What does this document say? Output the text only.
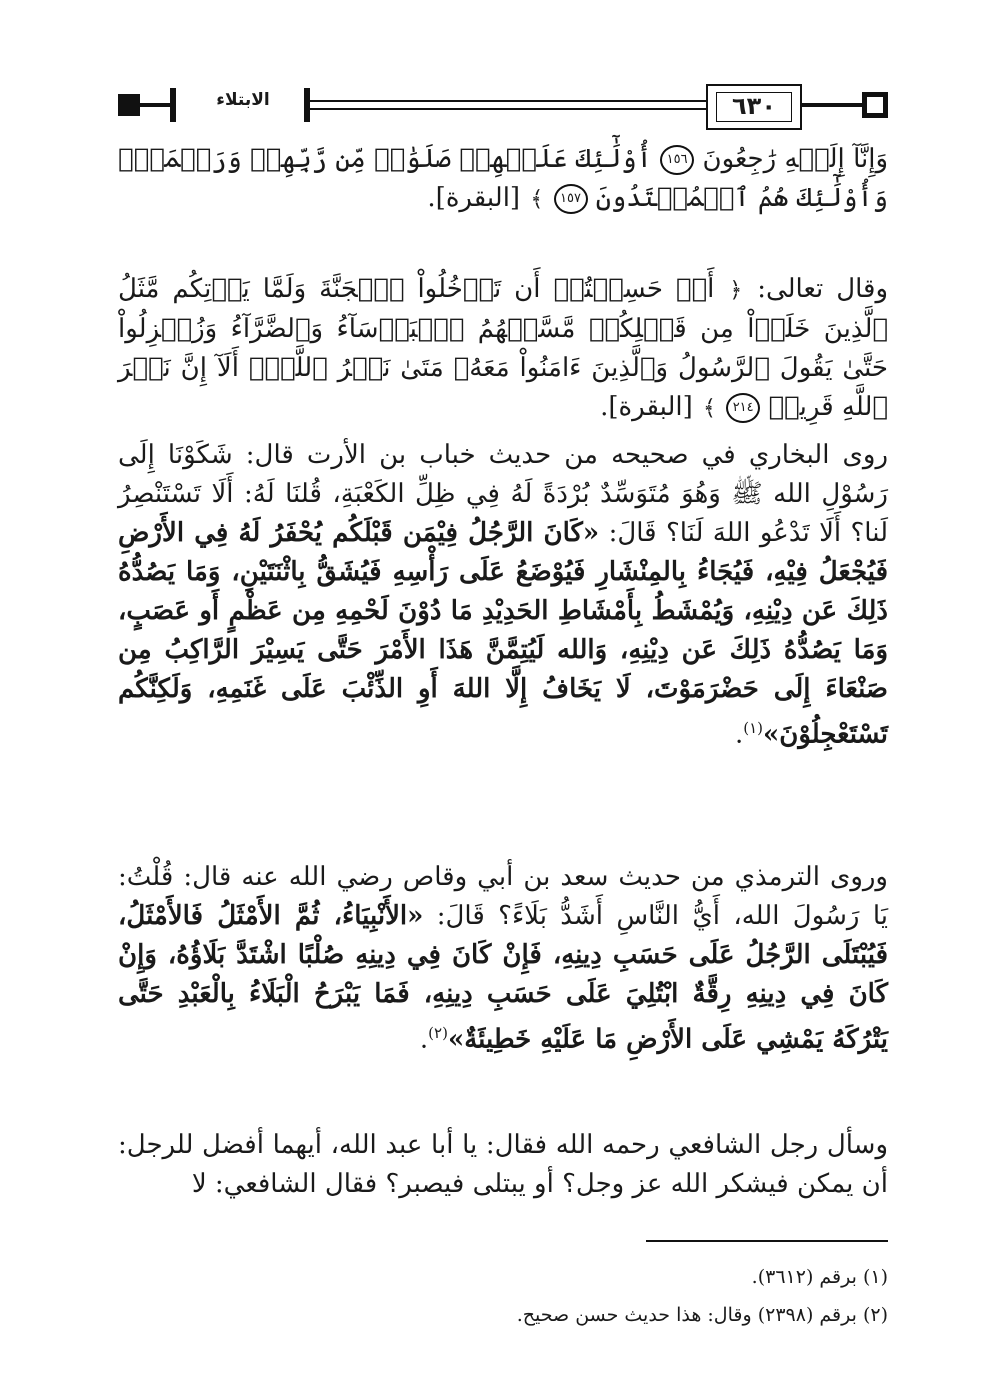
الابتلاء	٦٣٠

وَإِنَّآ إِلَيۡهِ رَٰجِعُونَ ١٥٦ أُوْلَٰٓئِكَ عَلَيۡهِمۡ صَلَوَٰتٞ مِّن رَّبِّهِمۡ وَرَحۡمَةٞۖ وَأُوْلَٰٓئِكَ هُمُ ٱلۡمُهۡتَدُونَ ١٥٧ ﴾ [البقرة].

وقال تعالى: ﴿ أَمۡ حَسِبۡتُمۡ أَن تَدۡخُلُواْ ٱلۡجَنَّةَ وَلَمَّا يَأۡتِكُم مَّثَلُ ٱلَّذِينَ خَلَوۡاْ مِن قَبۡلِكُمۖ مَّسَّتۡهُمُ ٱلۡبَأۡسَآءُ وَٱلضَّرَّآءُ وَزُلۡزِلُواْ حَتَّىٰ يَقُولَ ٱلرَّسُولُ وَٱلَّذِينَ ءَامَنُواْ مَعَهُۥ مَتَىٰ نَصۡرُ ٱللَّهِۗ أَلَآ إِنَّ نَصۡرَ ٱللَّهِ قَرِيبٞ ٢١٤ ﴾ [البقرة].

روى البخاري في صحيحه من حديث خباب بن الأرت قال: شَكَوْنَا إِلَى رَسُوْلِ الله ﷺ وَهُوَ مُتَوَسِّدٌ بُرْدَةً لَهُ فِي ظِلِّ الكَعْبَةِ، قُلنَا لَهُ: أَلَا تَسْتَنْصِرُ لَنا؟ أَلَا تَدْعُو اللهَ لَنَا؟ قَالَ: «كَانَ الرَّجُلُ فِيْمَن قَبْلَكُم يُحْفَرُ لَهُ فِي الأَرْضِ فَيُجْعَلُ فِيْهِ، فَيُجَاءُ بِالمِنْشَارِ فَيُوْضَعُ عَلَى رَأْسِهِ فَيُشَقُّ بِاثْنَتَيْنِ، وَمَا يَصُدُّهُ ذَلِكَ عَن دِيْنِهِ، وَيُمْشَطُ بِأَمْشَاطِ الحَدِيْدِ مَا دُوْنَ لَحْمِهِ مِن عَظْمٍ أَو عَصَبٍ، وَمَا يَصُدُّهُ ذَلِكَ عَن دِيْنِهِ، وَالله لَيُتِمَّنَّ هَذَا الأَمْرَ حَتَّى يَسِيْرَ الرَّاكِبُ مِن صَنْعَاءَ إِلَى حَضْرَمَوْتَ، لَا يَخَافُ إِلَّا اللهَ أَوِ الذِّئْبَ عَلَى غَنَمِهِ، وَلَكِنَّكُم تَسْتَعْجِلُوْنَ»$^{(١)}$.

وروى الترمذي من حديث سعد بن أبي وقاص رضي الله عنه قال: قُلْتُ: يَا رَسُولَ الله، أَيُّ النَّاسِ أَشَدُّ بَلَاءً؟ قَالَ: «الأَنْبِيَاءُ، ثُمَّ الأَمْثَلُ فَالأَمْثَلُ، فَيُبْتَلَى الرَّجُلُ عَلَى حَسَبِ دِينِهِ، فَإِنْ كَانَ فِي دِينِهِ صُلْبًا اشْتَدَّ بَلَاؤُهُ، وَإِنْ كَانَ فِي دِينِهِ رِقَّةٌ ابْتُلِيَ عَلَى حَسَبِ دِينِهِ، فَمَا يَبْرَحُ الْبَلَاءُ بِالْعَبْدِ حَتَّى يَتْرُكَهُ يَمْشِي عَلَى الأَرْضِ مَا عَلَيْهِ خَطِيئَةٌ»$^{(٢)}$.

وسأل رجل الشافعي رحمه الله فقال: يا أبا عبد الله، أيهما أفضل للرجل: أن يمكن فيشكر الله عز وجل؟ أو يبتلى فيصبر؟ فقال الشافعي: لا

(١) برقم (٣٦١٢).

(٢) برقم (٢٣٩٨) وقال: هذا حديث حسن صحيح.
